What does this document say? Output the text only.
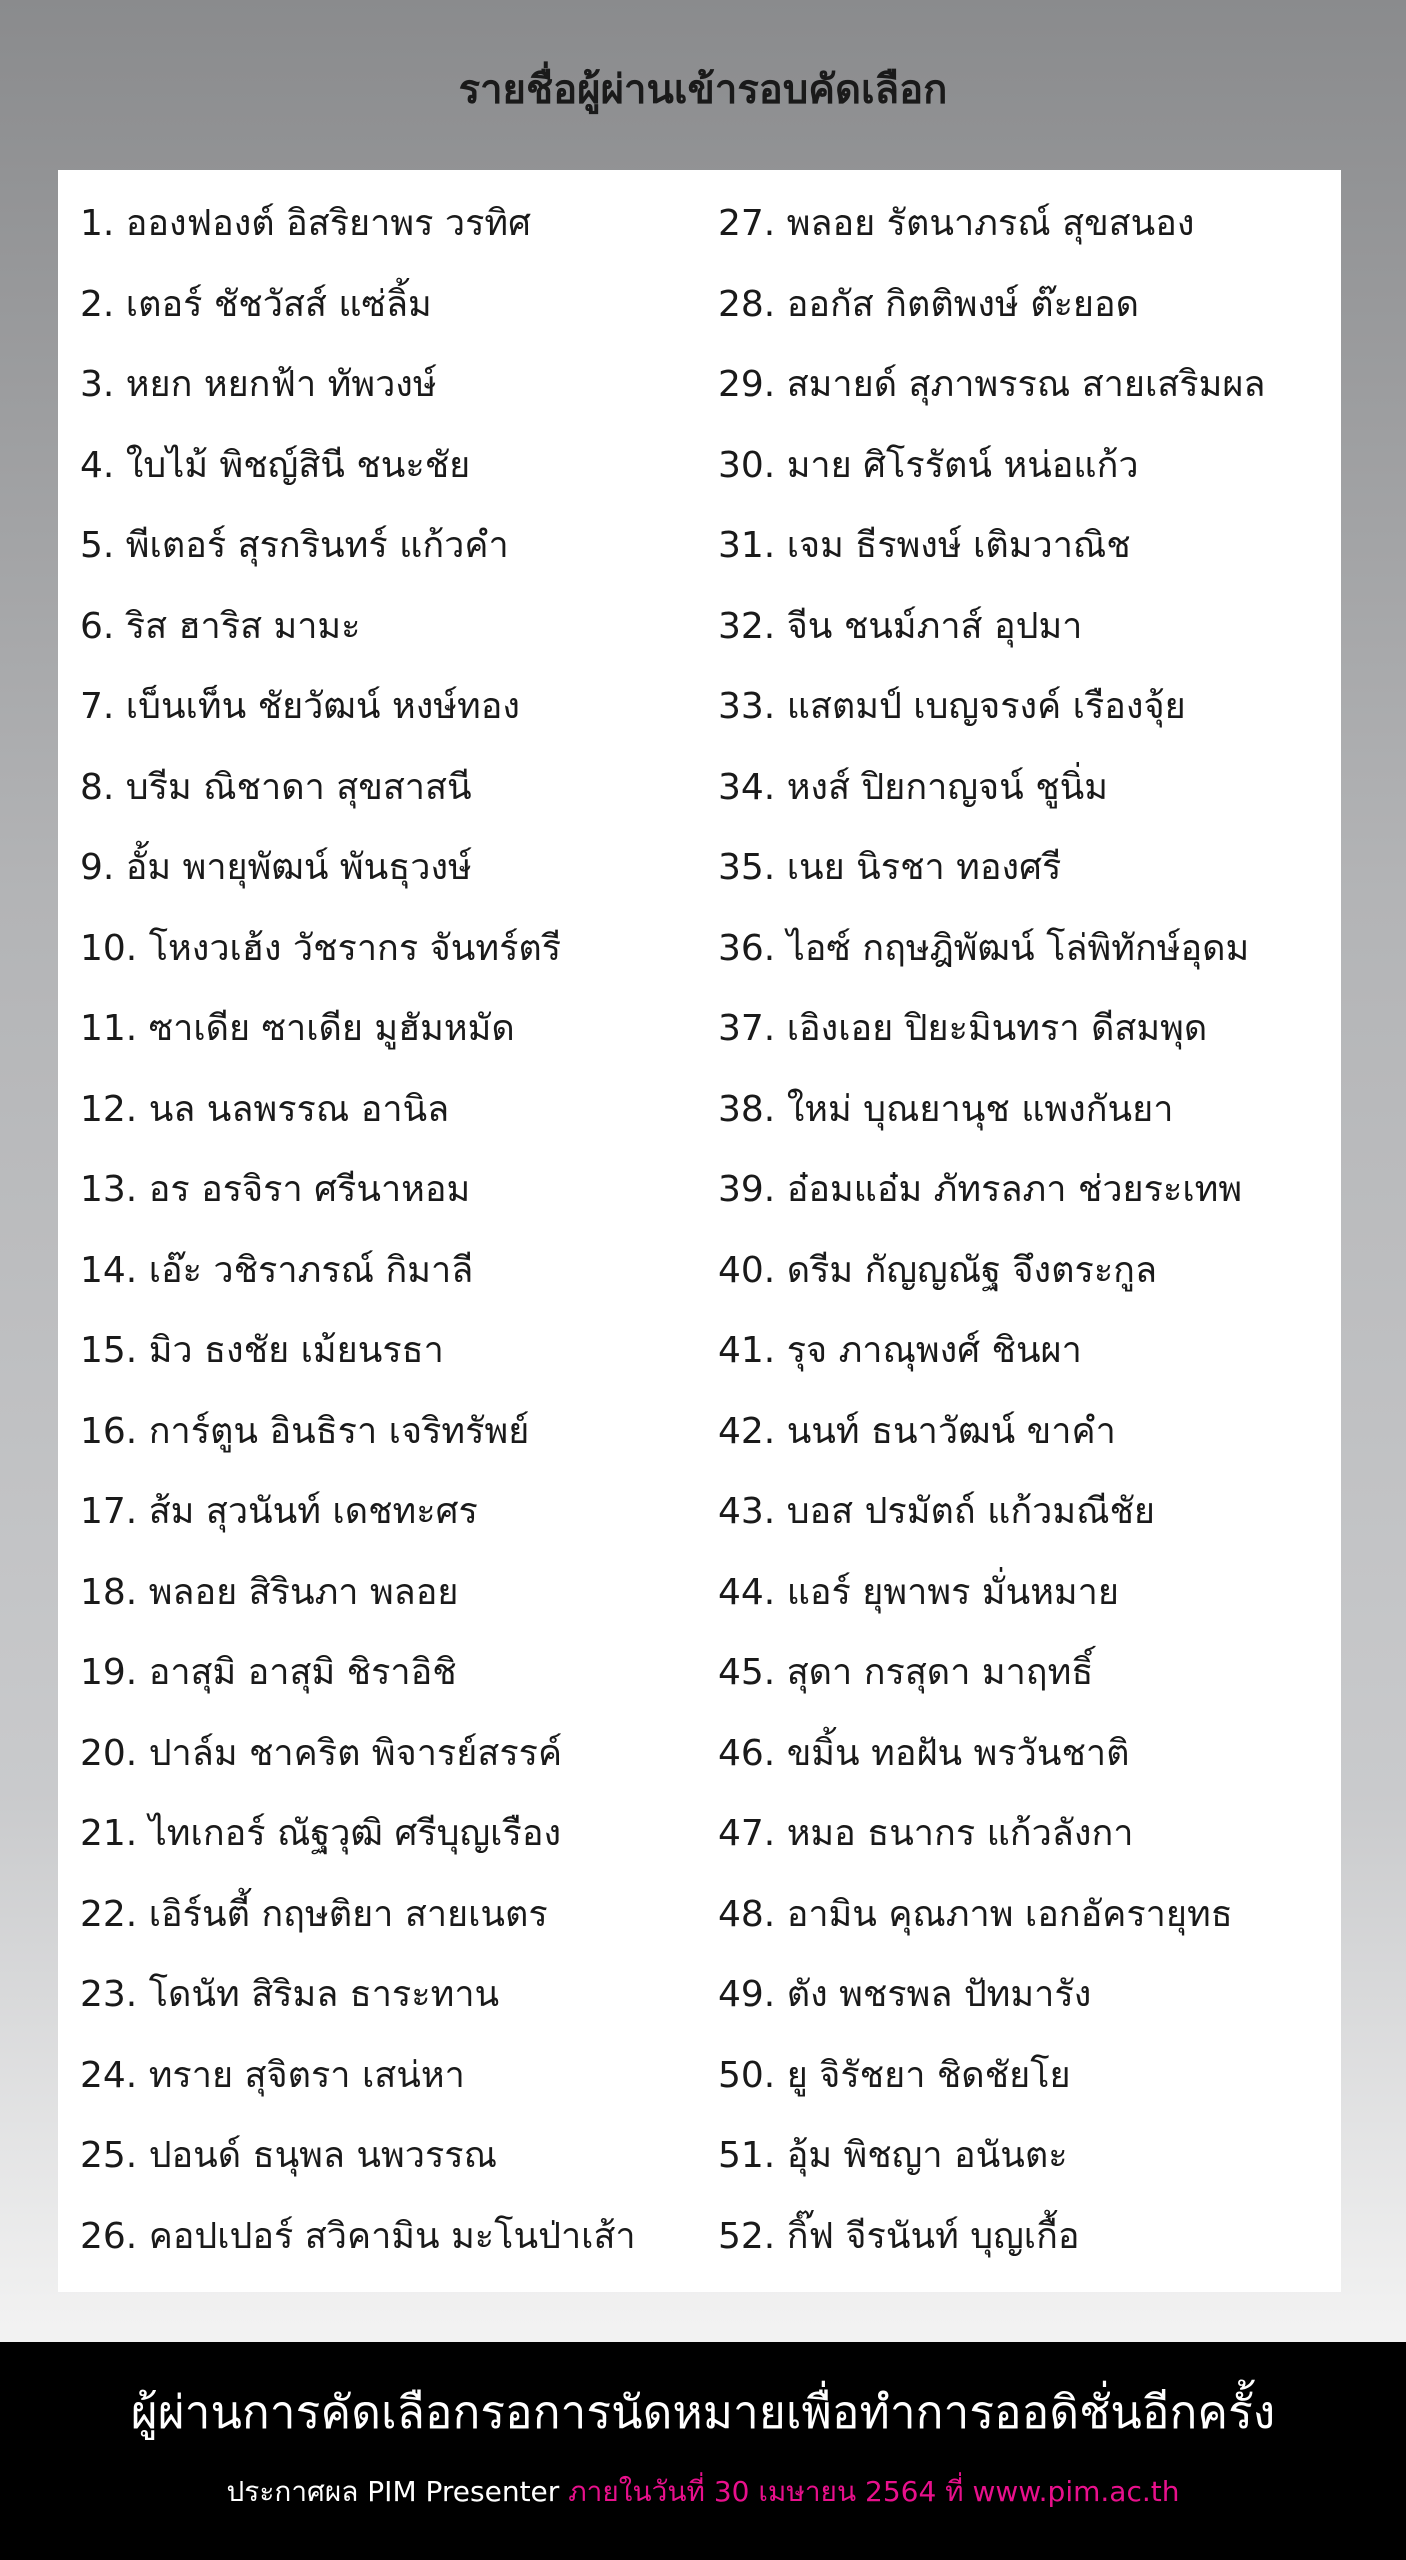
รายชื่อผู้ผ่านเข้ารอบคัดเลือก
1. อองฟองต์ อิสริยาพร วรทิศ
2. เตอร์ ชัชวัสส์ แซ่ลิ้ม
3. หยก หยกฟ้า ทัพวงษ์
4. ใบไม้ พิชญ์สินี ชนะชัย
5. พีเตอร์ สุรกรินทร์ แก้วคำ
6. ริส ฮาริส มามะ
7. เบ็นเท็น ชัยวัฒน์ หงษ์ทอง
8. บรีม ณิชาดา สุขสาสนี
9. อั้ม พายุพัฒน์ พันธุวงษ์
10. โหงวเฮ้ง วัชรากร จันทร์ตรี
11. ซาเดีย ซาเดีย มูฮัมหมัด
12. นล นลพรรณ อานิล
13. อร อรจิรา ศรีนาหอม
14. เอ๊ะ วชิราภรณ์ กิมาลี
15. มิว ธงชัย เม้ยนรธา
16. การ์ตูน อินธิรา เจริทรัพย์
17. ส้ม สุวนันท์ เดชทะศร
18. พลอย สิรินภา พลอย
19. อาสุมิ อาสุมิ ชิราอิชิ
20. ปาล์ม ชาคริต พิจารย์สรรค์
21. ไทเกอร์ ณัฐวุฒิ ศรีบุญเรือง
22. เอิร์นตี้ กฤษติยา สายเนตร
23. โดนัท สิริมล ธาระทาน
24. ทราย สุจิตรา เสน่หา
25. ปอนด์ ธนุพล นพวรรณ
26. คอปเปอร์ สวิคามิน มะโนป่าเส้า
27. พลอย รัตนาภรณ์ สุขสนอง
28. ออกัส กิตติพงษ์ ต๊ะยอด
29. สมายด์ สุภาพรรณ สายเสริมผล
30. มาย ศิโรรัตน์ หน่อแก้ว
31. เจม ธีรพงษ์ เติมวาณิช
32. จีน ชนม์ภาส์ อุปมา
33. แสตมป์ เบญจรงค์ เรืองจุ้ย
34. หงส์ ปิยกาญจน์ ชูนิ่ม
35. เนย นิรชา ทองศรี
36. ไอซ์ กฤษฎิพัฒน์ โล่พิทักษ์อุดม
37. เอิงเอย ปิยะมินทรา ดีสมพุด
38. ใหม่ บุณยานุช แพงกันยา
39. อ๋อมแอ๋ม ภัทรลภา ช่วยระเทพ
40. ดรีม กัญญณัฐ จึงตระกูล
41. รุจ ภาณุพงศ์ ชินผา
42. นนท์ ธนาวัฒน์ ขาคำ
43. บอส ปรมัตถ์ แก้วมณีชัย
44. แอร์ ยุพาพร มั่นหมาย
45. สุดา กรสุดา มาฤทธิ์
46. ขมิ้น ทอฝัน พรวันชาติ
47. หมอ ธนากร แก้วลังกา
48. อามิน คุณภาพ เอกอัครายุทธ
49. ตัง พชรพล ปัทมารัง
50. ยู จิรัชยา ชิดชัยโย
51. อุ้ม พิชญา อนันตะ
52. กิ๊ฟ จีรนันท์ บุญเกื้อ
ผู้ผ่านการคัดเลือกรอการนัดหมายเพื่อทำการออดิชั่นอีกครั้ง
ประกาศผล PIM Presenter ภายในวันที่ 30 เมษายน 2564 ที่ www.pim.ac.th
